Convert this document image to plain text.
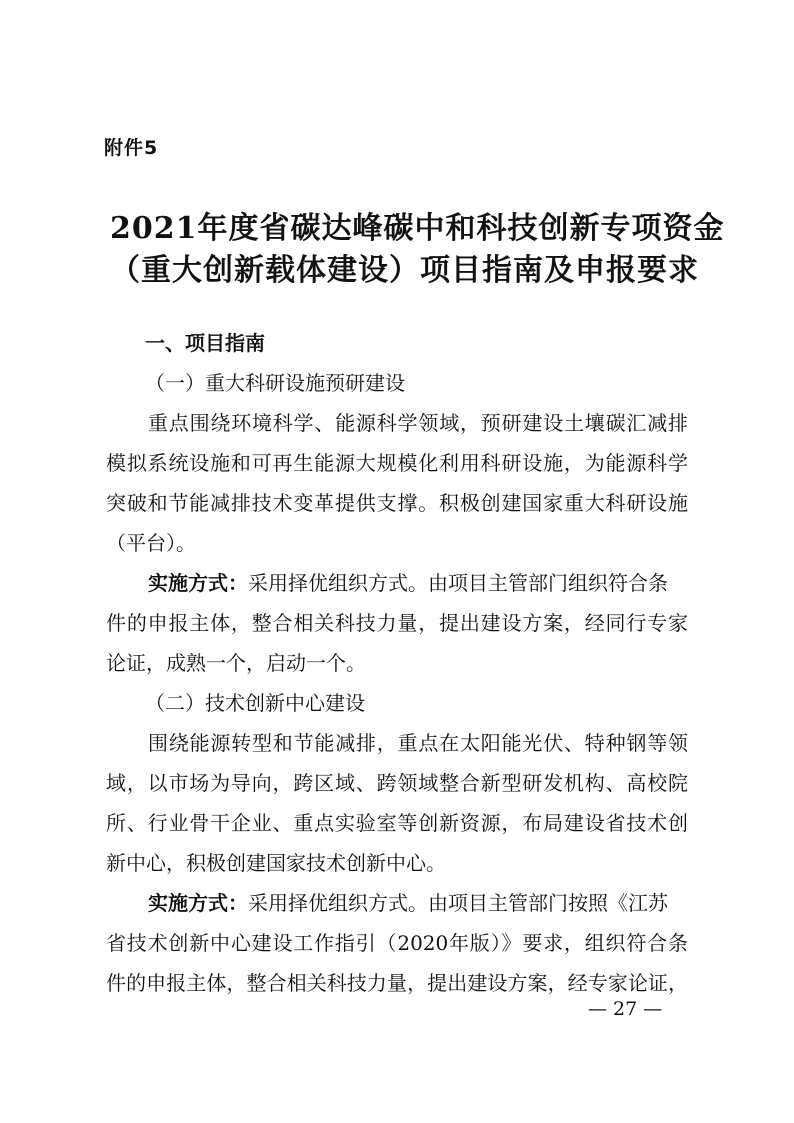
附件5
2021年度省碳达峰碳中和科技创新专项资金
（重大创新载体建设）项目指南及申报要求
一、项目指南
（一）重大科研设施预研建设
重点围绕环境科学、能源科学领域，预研建设土壤碳汇减排
模拟系统设施和可再生能源大规模化利用科研设施，为能源科学
突破和节能减排技术变革提供支撑。积极创建国家重大科研设施
（平台）。
实施方式：采用择优组织方式。由项目主管部门组织符合条
件的申报主体，整合相关科技力量，提出建设方案，经同行专家
论证，成熟一个，启动一个。
（二）技术创新中心建设
围绕能源转型和节能减排，重点在太阳能光伏、特种钢等领
域，以市场为导向，跨区域、跨领域整合新型研发机构、高校院
所、行业骨干企业、重点实验室等创新资源，布局建设省技术创
新中心，积极创建国家技术创新中心。
实施方式：采用择优组织方式。由项目主管部门按照《江苏
省技术创新中心建设工作指引（2020年版）》要求，组织符合条
件的申报主体，整合相关科技力量，提出建设方案，经专家论证，
— 27 —
